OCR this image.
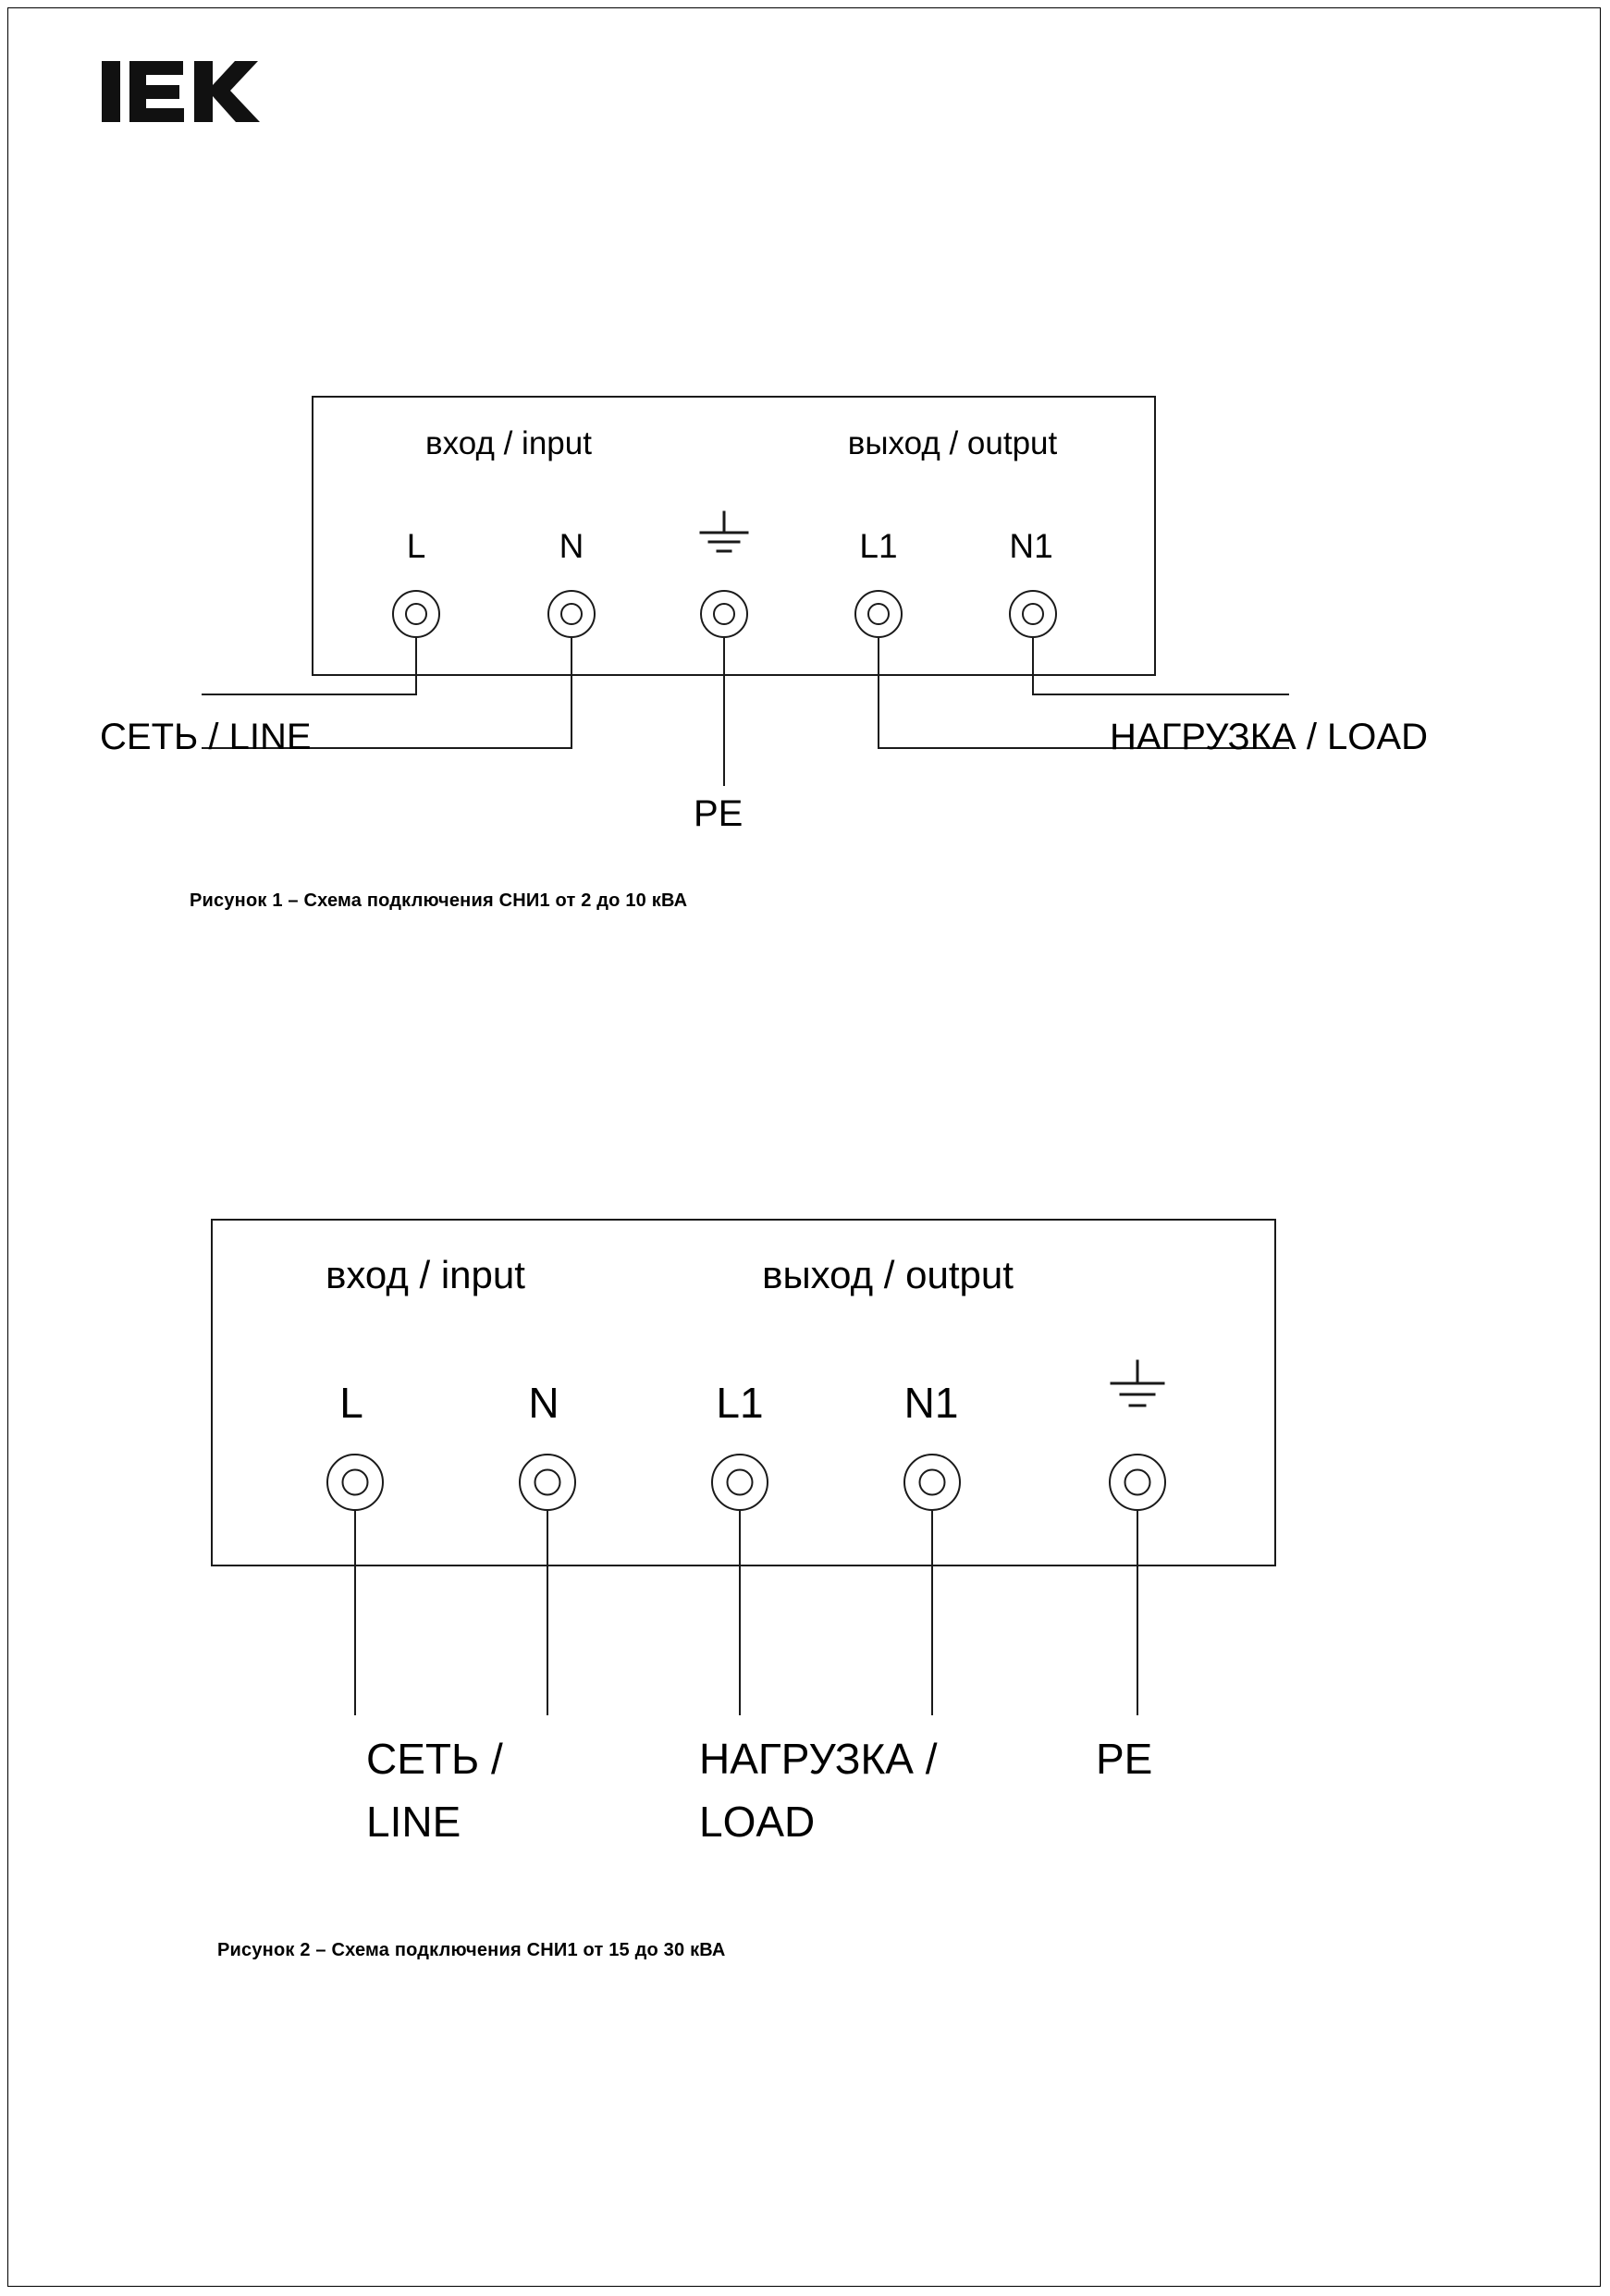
вход / input	выход / output
L	N	L1	N1
СЕТЬ / LINE
PE
НАГРУЗКА / LOAD
Рисунок 1 – Схема подключения СНИ1 от 2 до 10 кВА
вход / input	выход / output
L	N	L1	N1
СЕТЬ /
LINE
НАГРУЗКА /
LOAD
PE
Рисунок 2 – Схема подключения СНИ1 от 15 до 30 кВА
